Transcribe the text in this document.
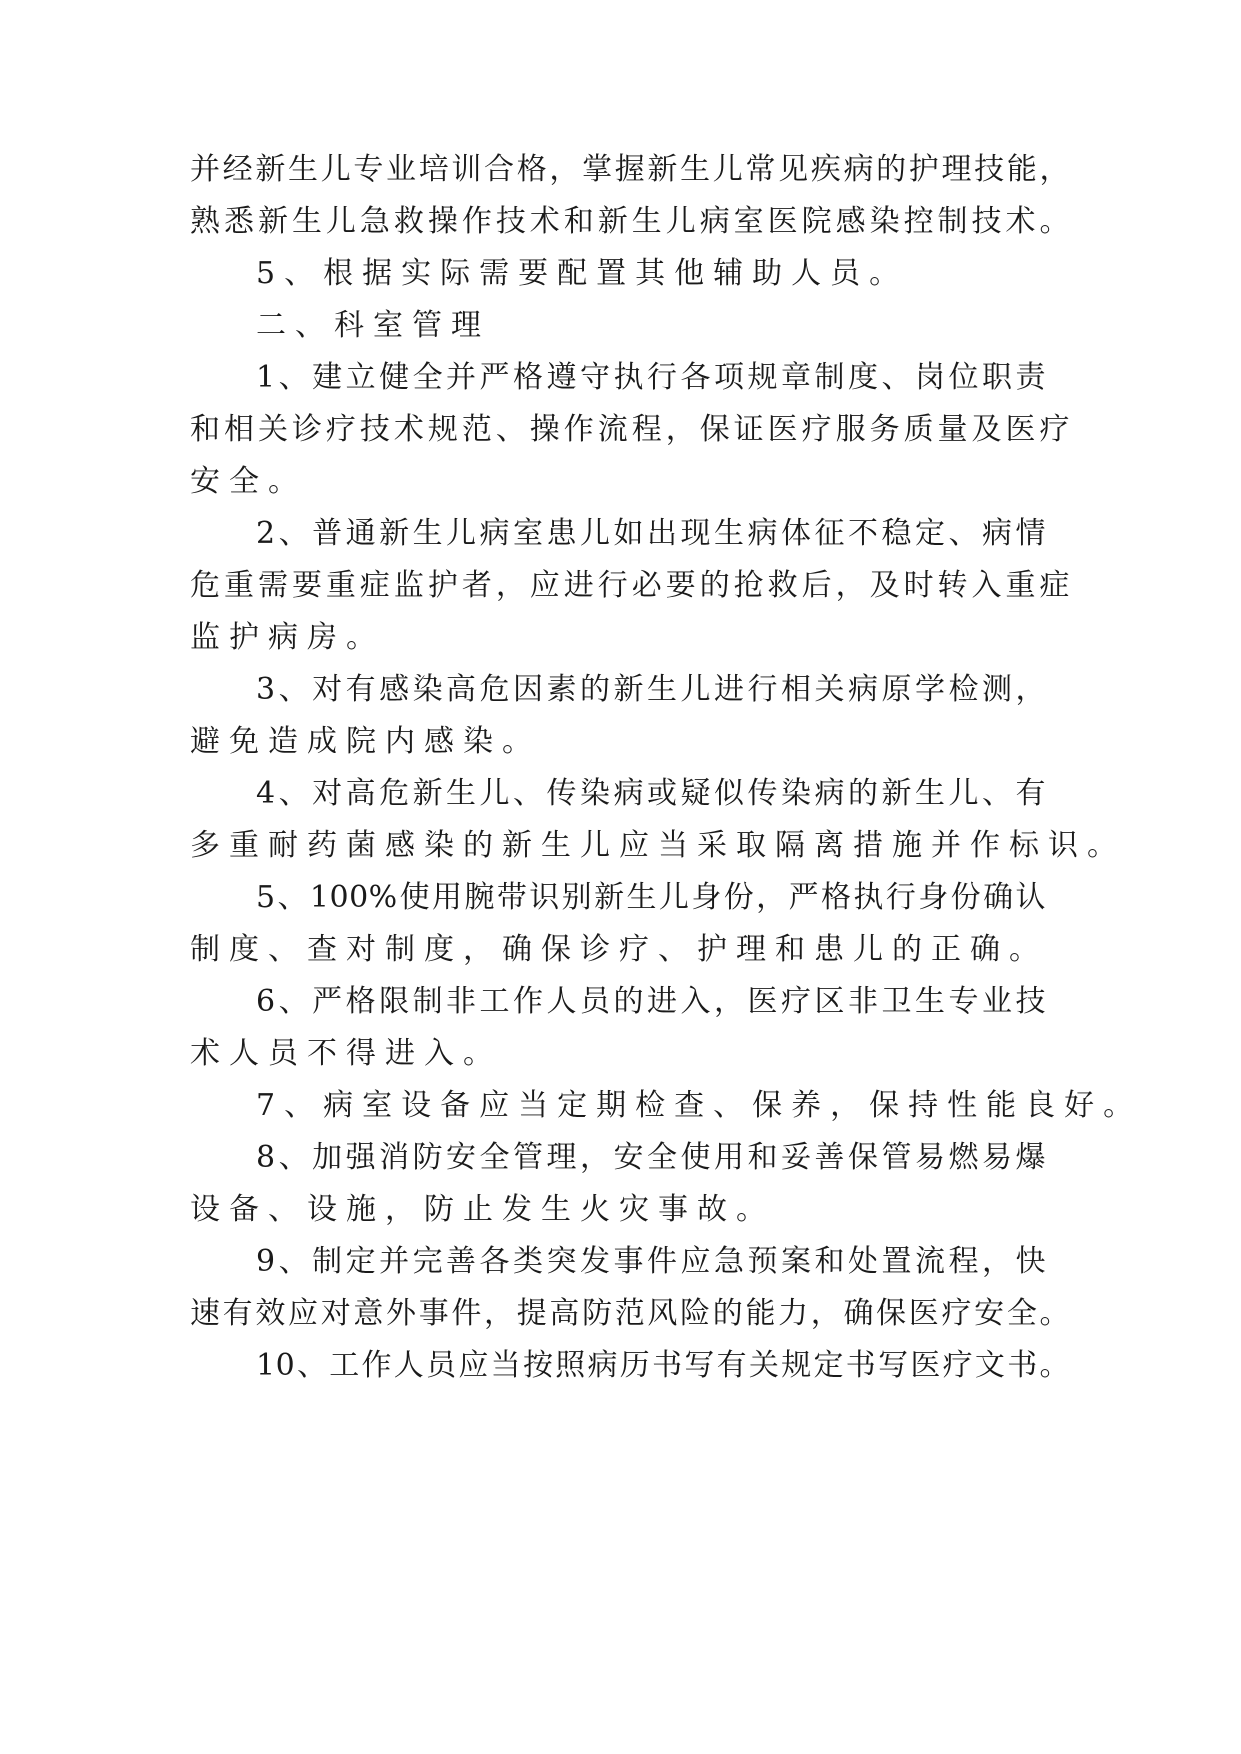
并经新生儿专业培训合格，掌握新生儿常见疾病的护理技能，
熟悉新生儿急救操作技术和新生儿病室医院感染控制技术。
5、根据实际需要配置其他辅助人员。
二、科室管理
1、建立健全并严格遵守执行各项规章制度、岗位职责
和相关诊疗技术规范、操作流程，保证医疗服务质量及医疗
安全。
2、普通新生儿病室患儿如出现生病体征不稳定、病情
危重需要重症监护者，应进行必要的抢救后，及时转入重症
监护病房。
3、对有感染高危因素的新生儿进行相关病原学检测，
避免造成院内感染。
4、对高危新生儿、传染病或疑似传染病的新生儿、有
多重耐药菌感染的新生儿应当采取隔离措施并作标识。
5、100%使用腕带识别新生儿身份，严格执行身份确认
制度、查对制度，确保诊疗、护理和患儿的正确。
6、严格限制非工作人员的进入，医疗区非卫生专业技
术人员不得进入。
7、病室设备应当定期检查、保养，保持性能良好。
8、加强消防安全管理，安全使用和妥善保管易燃易爆
设备、设施，防止发生火灾事故。
9、制定并完善各类突发事件应急预案和处置流程，快
速有效应对意外事件，提高防范风险的能力，确保医疗安全。
10、工作人员应当按照病历书写有关规定书写医疗文书。
